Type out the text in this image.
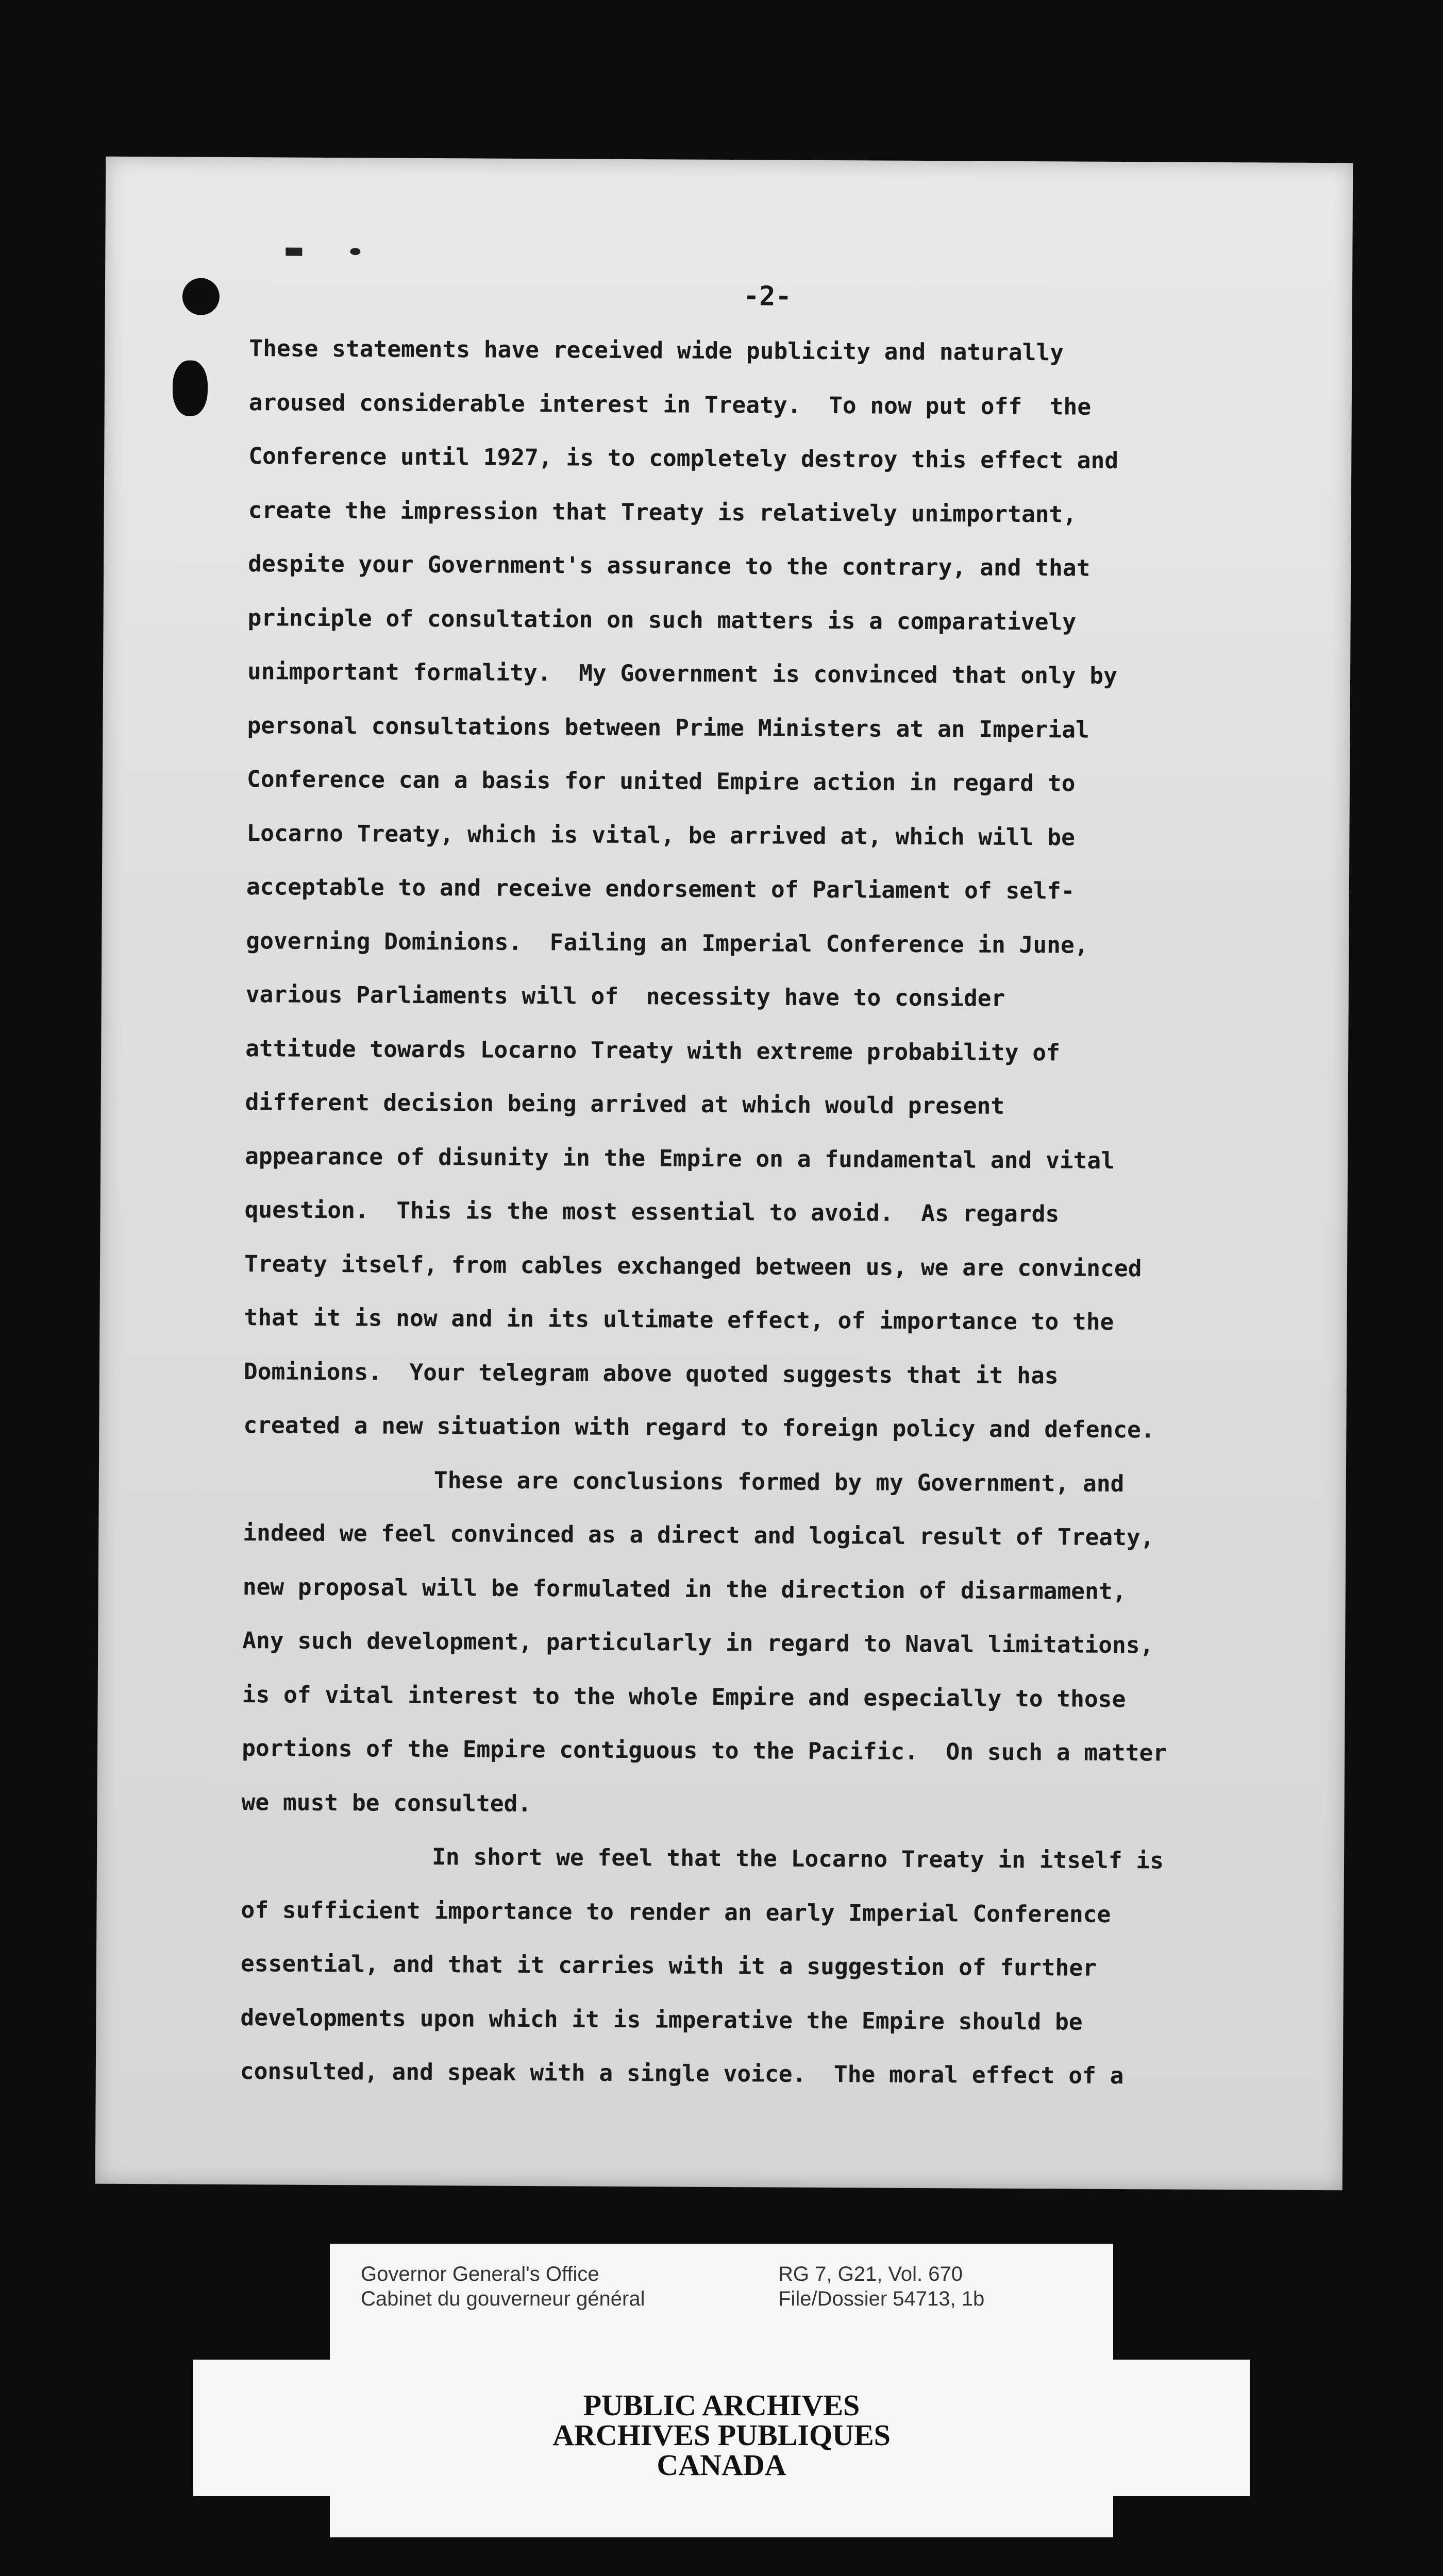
-2-
These statements have received wide publicity and naturally
aroused considerable interest in Treaty.  To now put off  the
Conference until 1927, is to completely destroy this effect and
create the impression that Treaty is relatively unimportant,
despite your Government's assurance to the contrary, and that
principle of consultation on such matters is a comparatively
unimportant formality.  My Government is convinced that only by
personal consultations between Prime Ministers at an Imperial
Conference can a basis for united Empire action in regard to
Locarno Treaty, which is vital, be arrived at, which will be
acceptable to and receive endorsement of Parliament of self-
governing Dominions.  Failing an Imperial Conference in June,
various Parliaments will of  necessity have to consider
attitude towards Locarno Treaty with extreme probability of
different decision being arrived at which would present
appearance of disunity in the Empire on a fundamental and vital
question.  This is the most essential to avoid.  As regards
Treaty itself, from cables exchanged between us, we are convinced
that it is now and in its ultimate effect, of importance to the
Dominions.  Your telegram above quoted suggests that it has
created a new situation with regard to foreign policy and defence.
These are conclusions formed by my Government, and
indeed we feel convinced as a direct and logical result of Treaty,
new proposal will be formulated in the direction of disarmament,
Any such development, particularly in regard to Naval limitations,
is of vital interest to the whole Empire and especially to those
portions of the Empire contiguous to the Pacific.  On such a matter
we must be consulted.
In short we feel that the Locarno Treaty in itself is
of sufficient importance to render an early Imperial Conference
essential, and that it carries with it a suggestion of further
developments upon which it is imperative the Empire should be
consulted, and speak with a single voice.  The moral effect of a
Governor General's Office
Cabinet du gouverneur général
RG 7, G21, Vol. 670
File/Dossier 54713, 1b
PUBLIC ARCHIVES
ARCHIVES PUBLIQUES
CANADA
